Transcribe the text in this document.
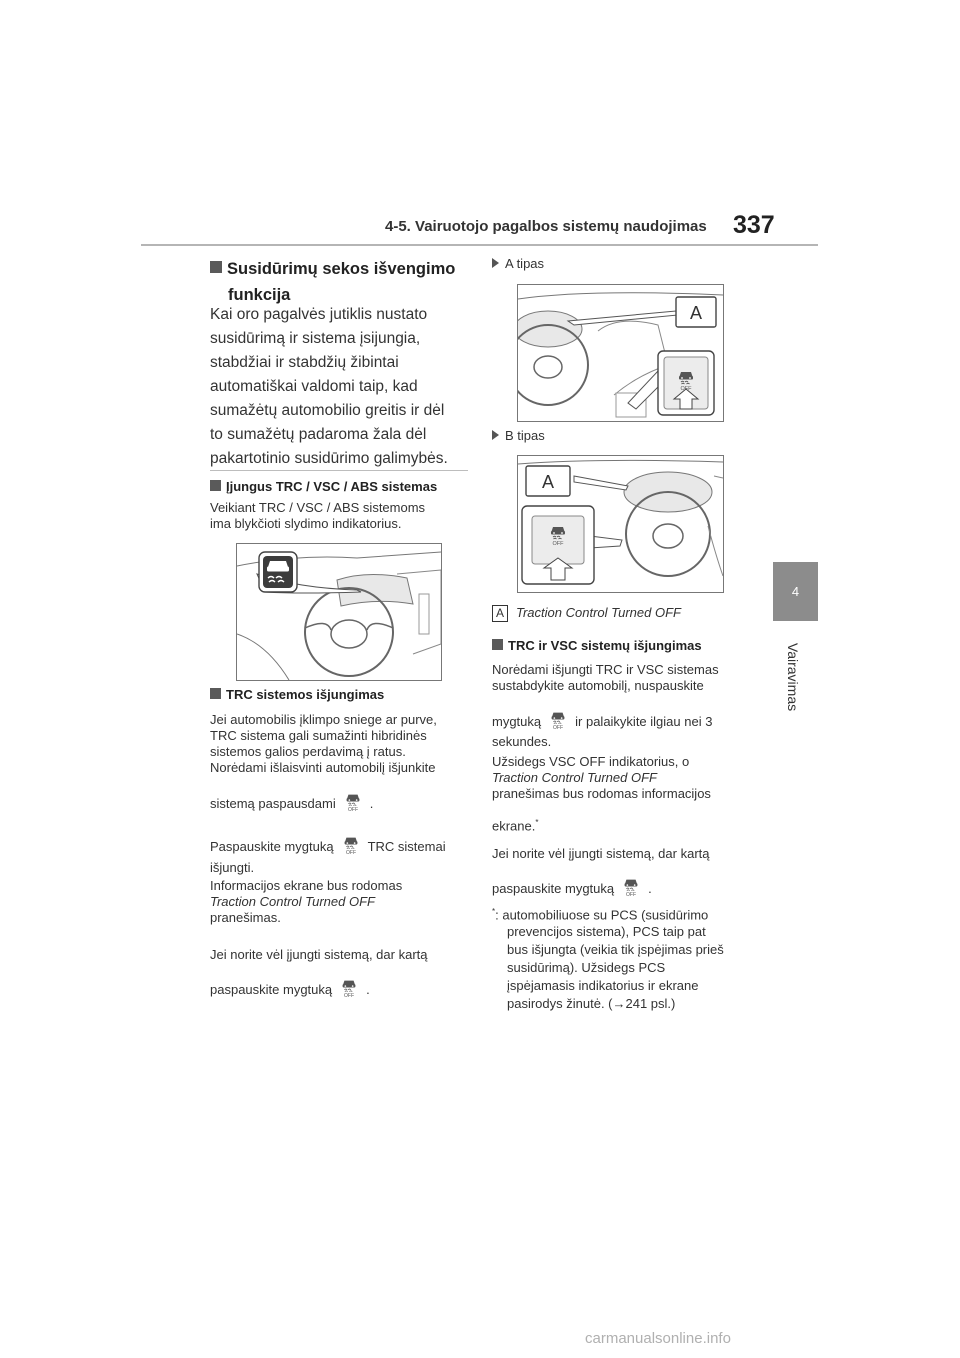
4-5. Vairuotojo pagalbos sistemų naudojimas 337
4
Vairavimas
Susidūrimų sekos išvengimo
funkcija
Kai oro pagalvės jutiklis nustato
susidūrimą ir sistema įsijungia,
stabdžiai ir stabdžių žibintai
automatiškai valdomi taip, kad
sumažėtų automobilio greitis ir dėl
to sumažėtų padaroma žala dėl
pakartotinio susidūrimo galimybės.
Įjungus TRC / VSC / ABS sistemas
Veikiant TRC / VSC / ABS sistemoms
ima blykčioti slydimo indikatorius.
TRC sistemos išjungimas
Jei automobilis įklimpo sniege ar purve,
TRC sistema gali sumažinti hibridinės
sistemos galios perdavimą į ratus.
Norėdami išlaisvinti automobilį išjunkite
sistemą paspausdami	.
Paspauskite mygtuką	TRC sistemai
išjungti.
Informacijos ekrane bus rodomas
Traction Control Turned OFF
pranešimas.
Jei norite vėl įjungti sistemą, dar kartą
paspauskite mygtuką	.
A tipas
A
B tipas
A
A Traction Control Turned OFF
TRC ir VSC sistemų išjungimas
Norėdami išjungti TRC ir VSC sistemas
sustabdykite automobilį, nuspauskite
mygtuką	ir palaikykite ilgiau nei 3
sekundes.
Užsidegs VSC OFF indikatorius, o
Traction Control Turned OFF
pranešimas bus rodomas informacijos
ekrane.*
Jei norite vėl įjungti sistemą, dar kartą
paspauskite mygtuką	.
*: automobiliuose su PCS (susidūrimo
prevencijos sistema), PCS taip pat
bus išjungta (veikia tik įspėjimas prieš
susidūrimą). Užsidegs PCS
įspėjamasis indikatorius ir ekrane
pasirodys žinutė. (→241 psl.)
carmanualsonline.info
